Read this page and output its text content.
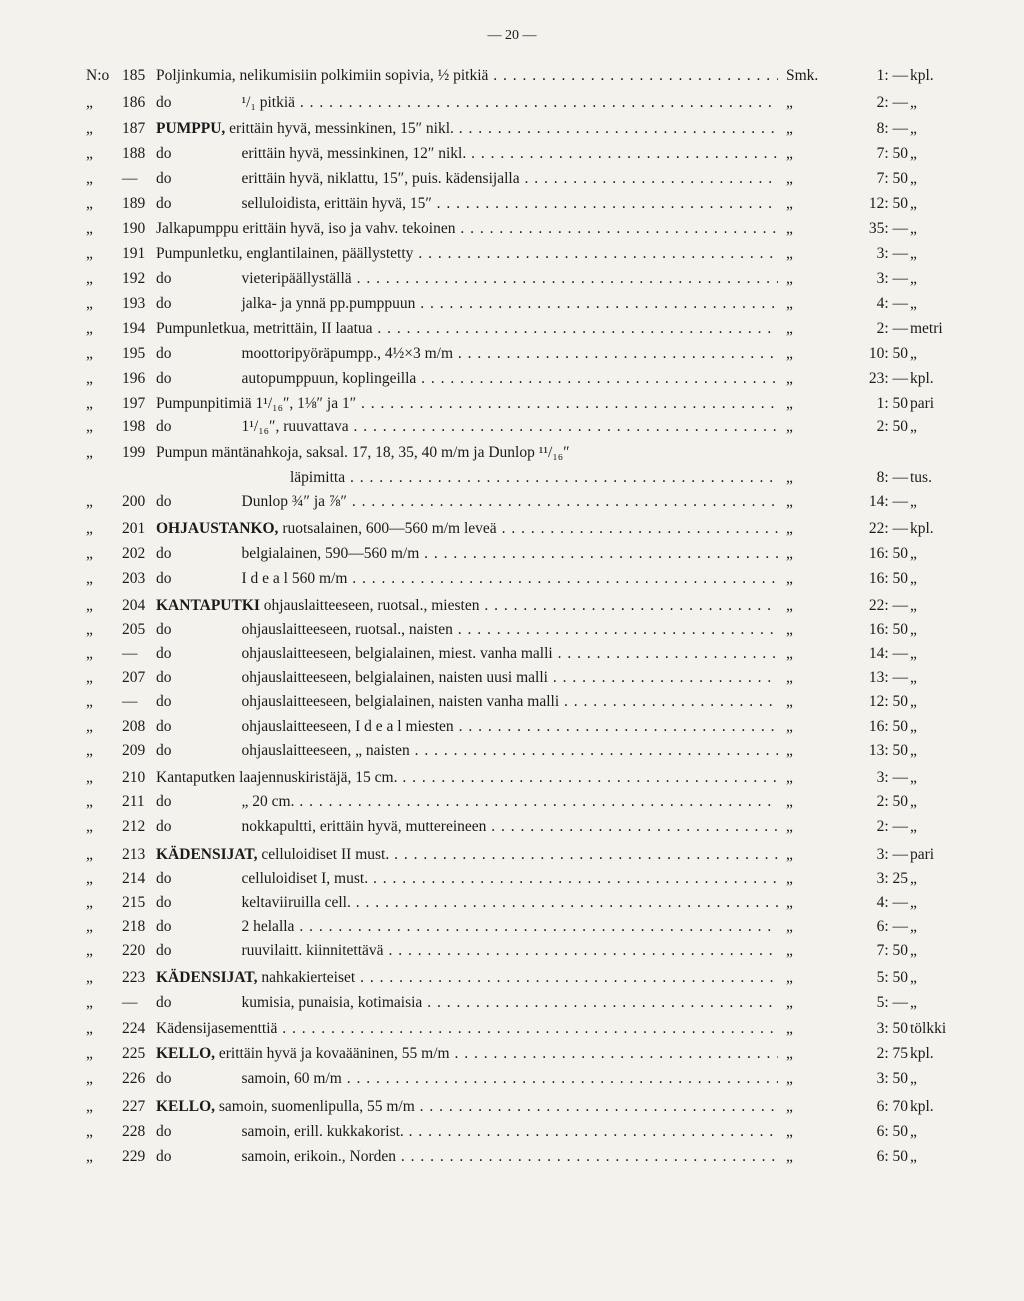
— 20 —
N:o 185 Poljinkumia, nelikumisiin polkimiin sopivia, ½ pitkiä . . .	Smk.	1: — kpl.
„	186 do	¹/₁ pitkiä . . .	„	2: — „
„	187 PUMPPU, erittäin hyvä, messinkinen, 15″ nikl. . . .	„	8: — „
„	188 do	erittäin hyvä, messinkinen, 12″ nikl. . . .	„	7: 50 „
„	—	do	erittäin hyvä, niklattu, 15″, puis. kädensijalla . . .	„	7: 50 „
„	189 do	selluloidista, erittäin hyvä, 15″ . . .	„	12: 50 „
„	190 Jalkapumppu erittäin hyvä, iso ja vahv. tekoinen . . .	„	35: — „
„	191 Pumpunletku, englantilainen, päällystetty . . .	„	3: — „
„	192 do	vieteripäällyställä . . .	„	3: — „
„	193 do	jalka- ja ynnä pp.pumppuun . . .	„	4: — „
„	194 Pumpunletkua, metrittäin, II laatua . . .	„	2: — metri
„	195 do	moottoripyöräpumpp., 4½×3 m/m . . .	„	10: 50 „
„	196 do	autopumppuun, koplingeilla . . .	„	23: — kpl.
„	197 Pumpunpitimiä 1¹/₁₆″, 1⅛″ ja 1″ . . .	„	1: 50 pari
„	198 do	1¹/₁₆″, ruuvattava . . .	„	2: 50 „
„	199 Pumpun mäntänahkoja, saksal. 17, 18, 35, 40 m/m ja Dunlop ¹¹/₁₆″
läpimitta . . .	„	8: — tus.
„	200 do	Dunlop ¾″ ja ⅞″ . . .	„	14: — „
„	201 OHJAUSTANKO, ruotsalainen, 600—560 m/m leveä . . .	„	22: — kpl.
„	202 do	belgialainen, 590—560 m/m . . .	„	16: 50 „
„	203 do	I d e a l 560 m/m . . .	„	16: 50 „
„	204 KANTAPUTKI ohjauslaitteeseen, ruotsal., miesten . . .	„	22: — „
„	205 do	ohjauslaitteeseen, ruotsal., naisten . . .	„	16: 50 „
„	—	do	ohjauslaitteeseen, belgialainen, miest. vanha malli . . .	„	14: — „
„	207 do	ohjauslaitteeseen, belgialainen, naisten uusi malli . . .	„	13: — „
„	—	do	ohjauslaitteeseen, belgialainen, naisten vanha malli . . .	„	12: 50 „
„	208 do	ohjauslaitteeseen, I d e a l miesten . . .	„	16: 50 „
„	209 do	ohjauslaitteeseen, „ naisten . . .	„	13: 50 „
„	210 Kantaputken laajennuskiristäjä, 15 cm. . . .	„	3: — „
„	211 do	„ 20 cm. . . .	„	2: 50 „
„	212 do	nokkapultti, erittäin hyvä, muttereineen . . .	„	2: — „
„	213 KÄDENSIJAT, celluloidiset II must. . . .	„	3: — pari
„	214 do	celluloidiset I, must. . . .	„	3: 25 „
„	215 do	keltaviiruilla cell. . . .	„	4: — „
„	218 do	2 helalla . . .	„	6: — „
„	220 do	ruuvilaitt. kiinnitettävä . . .	„	7: 50 „
„	223 KÄDENSIJAT, nahkakierteiset . . .	„	5: 50 „
„	—	do	kumisia, punaisia, kotimaisia . . .	„	5: — „
„	224 Kädensijasementtiä . . .	„	3: 50 tölkki
„	225 KELLO, erittäin hyvä ja kovaääninen, 55 m/m . . .	„	2: 75 kpl.
„	226 do	samoin, 60 m/m . . .	„	3: 50 „
„	227 KELLO, samoin, suomenlipulla, 55 m/m . . .	„	6: 70 kpl.
„	228 do	samoin, erill. kukkakorist. . . .	„	6: 50 „
„	229 do	samoin, erikoin., Norden . . .	„	6: 50 „
